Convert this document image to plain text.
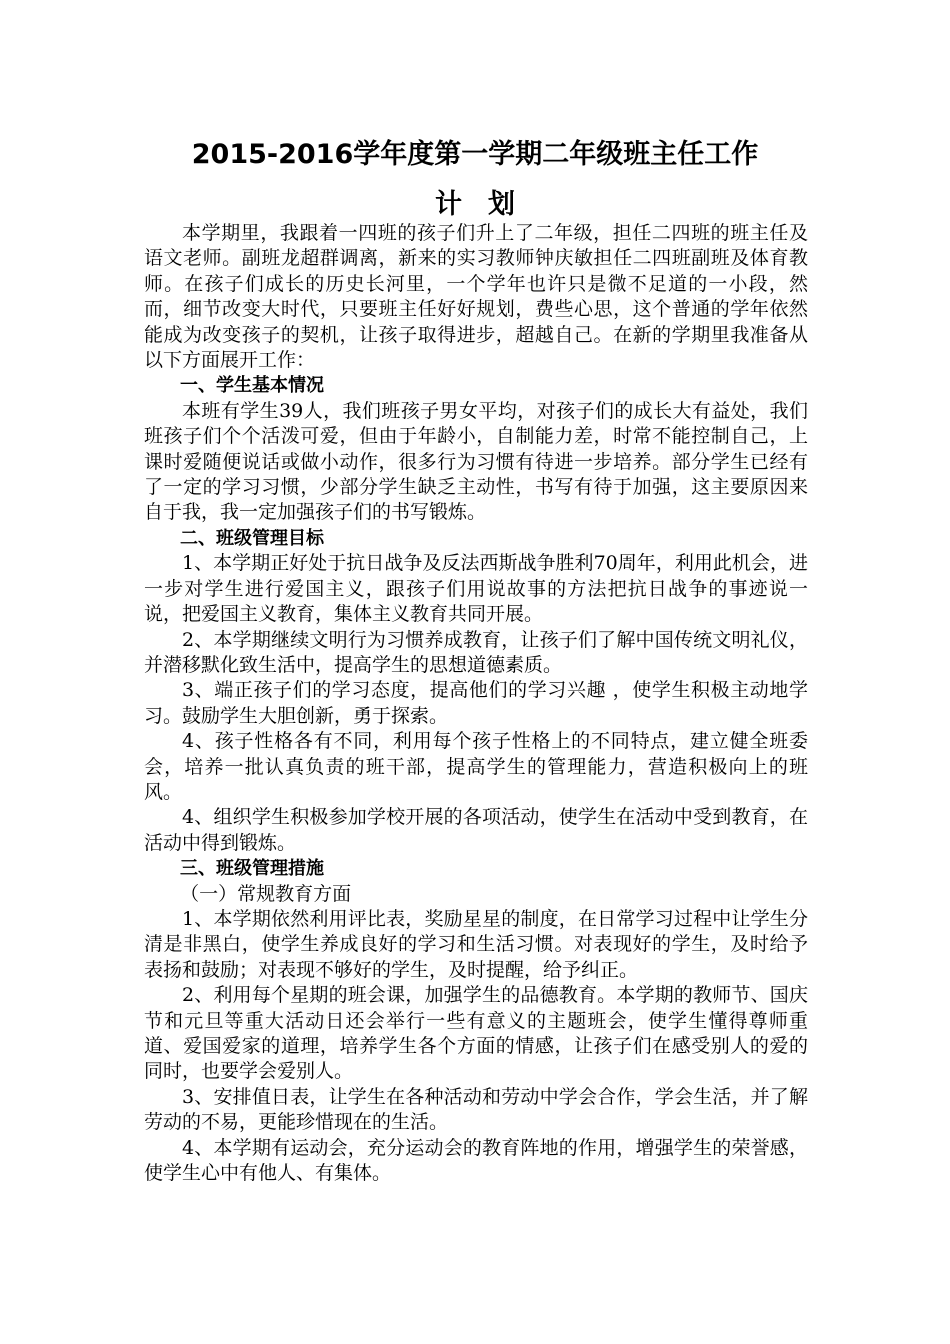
2015-2016学年度第一学期二年级班主任工作
计划

本学期里，我跟着一四班的孩子们升上了二年级，担任二四班的班主任及语文老师。副班龙超群调离，新来的实习教师钟庆敏担任二四班副班及体育教师。在孩子们成长的历史长河里，一个学年也许只是微不足道的一小段，然而，细节改变大时代，只要班主任好好规划，费些心思，这个普通的学年依然能成为改变孩子的契机，让孩子取得进步，超越自己。在新的学期里我准备从以下方面展开工作：

一、学生基本情况

本班有学生39人，我们班孩子男女平均，对孩子们的成长大有益处，我们班孩子们个个活泼可爱，但由于年龄小，自制能力差，时常不能控制自己，上课时爱随便说话或做小动作，很多行为习惯有待进一步培养。部分学生已经有了一定的学习习惯，少部分学生缺乏主动性，书写有待于加强，这主要原因来自于我，我一定加强孩子们的书写锻炼。

二、班级管理目标

1、本学期正好处于抗日战争及反法西斯战争胜利70周年，利用此机会，进一步对学生进行爱国主义，跟孩子们用说故事的方法把抗日战争的事迹说一说，把爱国主义教育，集体主义教育共同开展。

2、本学期继续文明行为习惯养成教育，让孩子们了解中国传统文明礼仪，并潜移默化致生活中，提高学生的思想道德素质。

3、端正孩子们的学习态度，提高他们的学习兴趣 ，使学生积极主动地学习。鼓励学生大胆创新，勇于探索。

4、孩子性格各有不同，利用每个孩子性格上的不同特点，建立健全班委会，培养一批认真负责的班干部，提高学生的管理能力，营造积极向上的班风。

4、组织学生积极参加学校开展的各项活动，使学生在活动中受到教育，在活动中得到锻炼。

三、班级管理措施

（一）常规教育方面

1、本学期依然利用评比表，奖励星星的制度，在日常学习过程中让学生分清是非黑白，使学生养成良好的学习和生活习惯。对表现好的学生，及时给予表扬和鼓励；对表现不够好的学生，及时提醒，给予纠正。

2、利用每个星期的班会课，加强学生的品德教育。本学期的教师节、国庆节和元旦等重大活动日还会举行一些有意义的主题班会，使学生懂得尊师重道、爱国爱家的道理，培养学生各个方面的情感，让孩子们在感受别人的爱的同时，也要学会爱别人。

3、安排值日表，让学生在各种活动和劳动中学会合作，学会生活，并了解劳动的不易，更能珍惜现在的生活。

4、本学期有运动会，充分运动会的教育阵地的作用，增强学生的荣誉感，使学生心中有他人、有集体。
